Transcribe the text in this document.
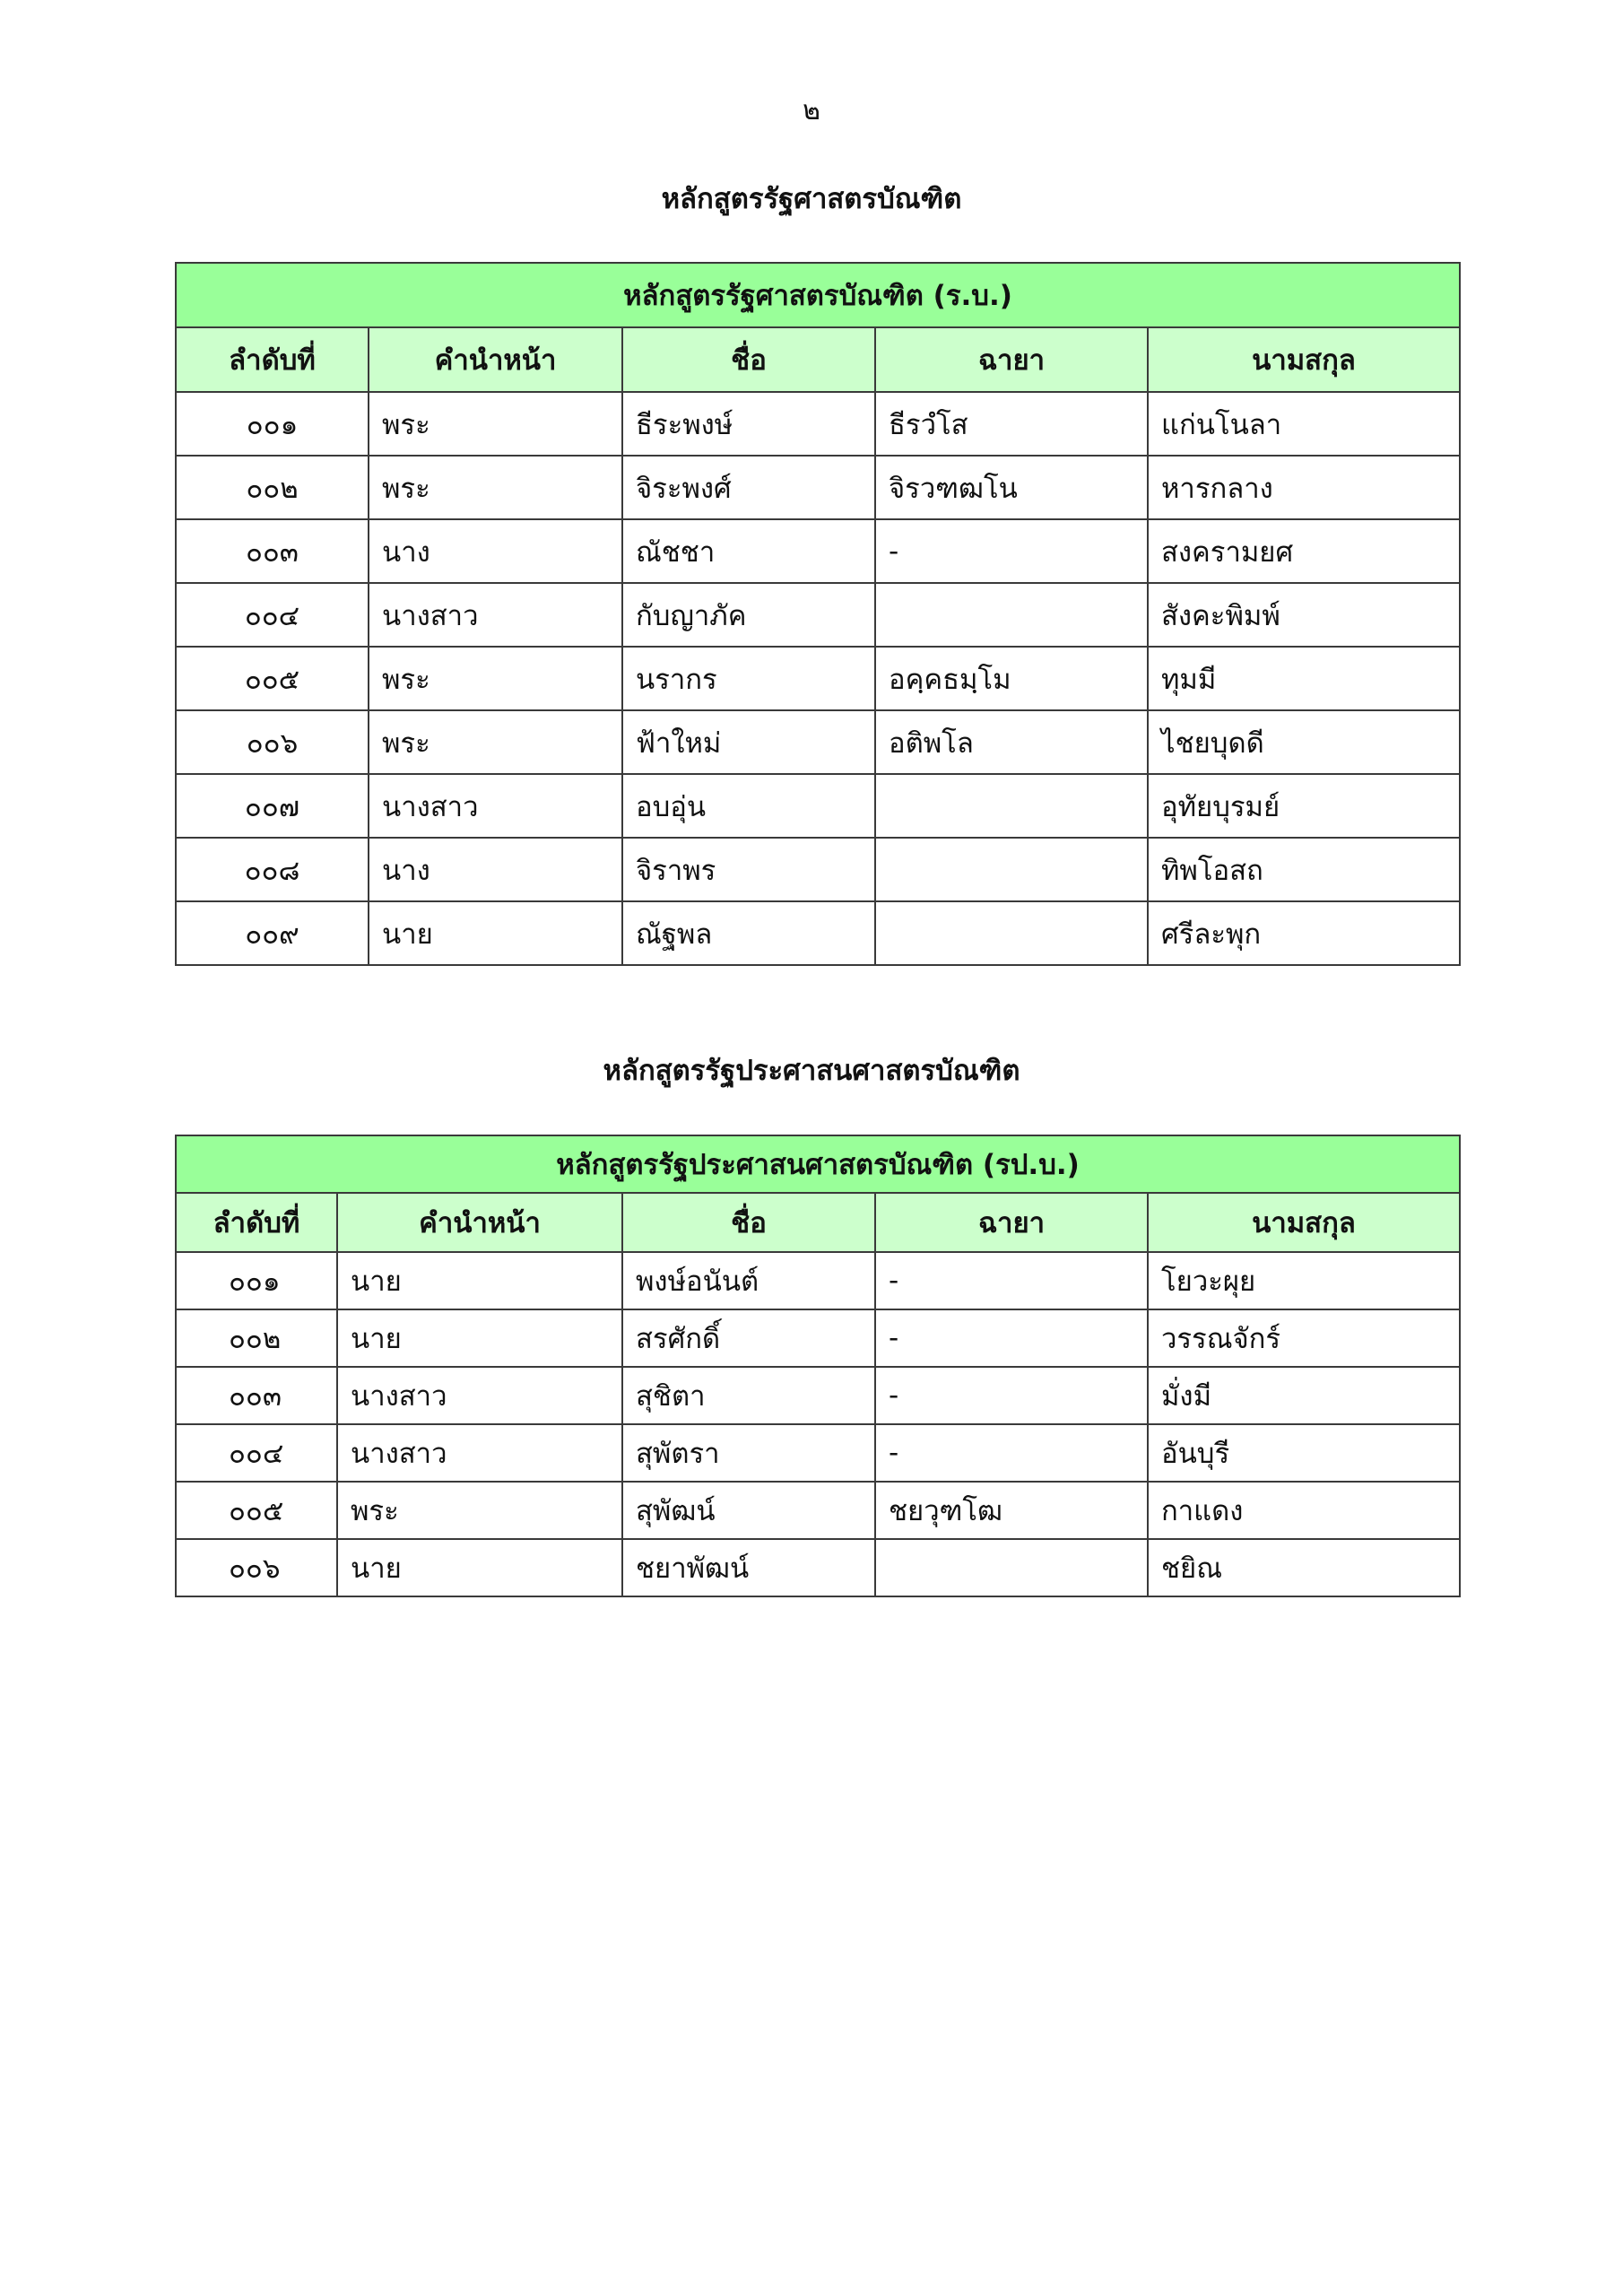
๒
หลักสูตรรัฐศาสตรบัณฑิต
หลักสูตรรัฐศาสตรบัณฑิต (ร.บ.)				
ลำดับที่	คำนำหน้า	ชื่อ	ฉายา	นามสกุล
๐๐๑	พระ	ธีระพงษ์	ธีรวํโส	แก่นโนลา
๐๐๒	พระ	จิระพงศ์	จิรวฑฒโน	หารกลาง
๐๐๓	นาง	ณัชชา	-	สงครามยศ
๐๐๔	นางสาว	กับญาภัค		สังคะพิมพ์
๐๐๕	พระ	นรากร	อคฺคธมฺโม	ทุมมี
๐๐๖	พระ	ฟ้าใหม่	อติพโล	ไชยบุดดี
๐๐๗	นางสาว	อบอุ่น		อุทัยบุรมย์
๐๐๘	นาง	จิราพร		ทิพโอสถ
๐๐๙	นาย	ณัฐพล		ศรีละพุก
หลักสูตรรัฐประศาสนศาสตรบัณฑิต
หลักสูตรรัฐประศาสนศาสตรบัณฑิต (รป.บ.)				
ลำดับที่	คำนำหน้า	ชื่อ	ฉายา	นามสกุล
๐๐๑	นาย	พงษ์อนันต์	-	โยวะผุย
๐๐๒	นาย	สรศักดิ์	-	วรรณจักร์
๐๐๓	นางสาว	สุชิตา	-	มั่งมี
๐๐๔	นางสาว	สุพัตรา	-	อันบุรี
๐๐๕	พระ	สุพัฒน์	ชยวุฑโฒ	กาแดง
๐๐๖	นาย	ชยาพัฒน์		ชยิณ
